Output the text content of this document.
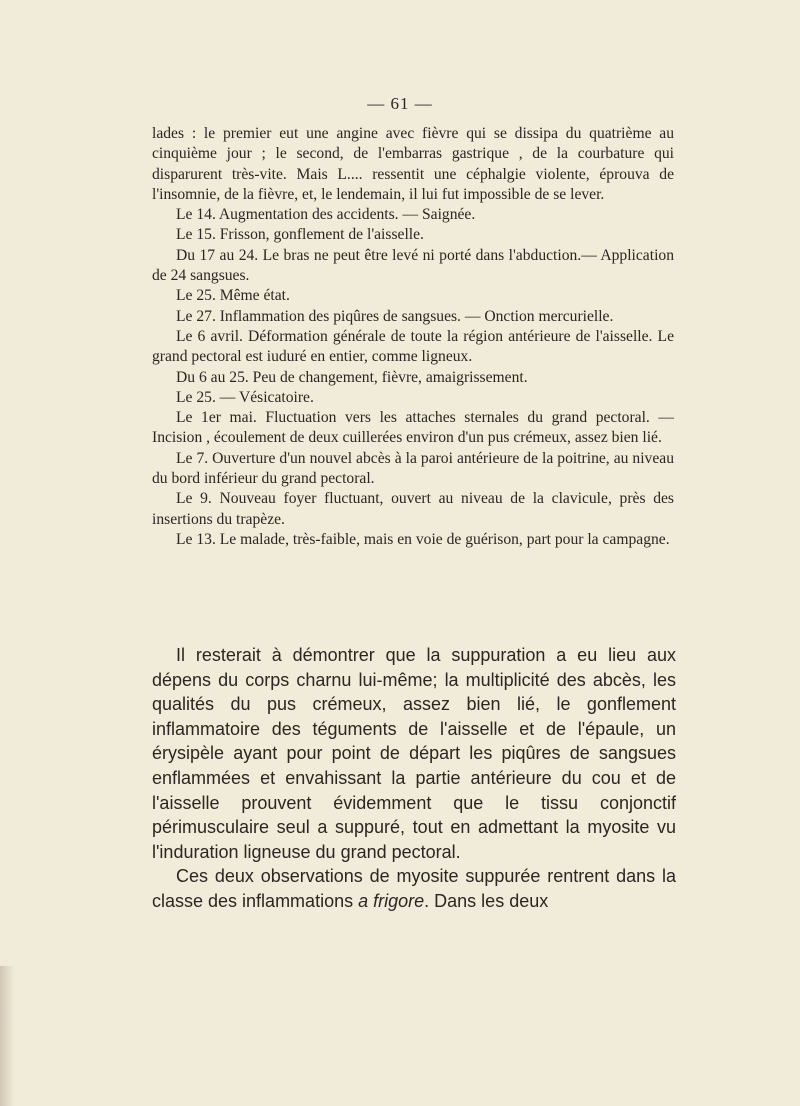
— 61 —

lades : le premier eut une angine avec fièvre qui se dissipa du quatrième au cinquième jour ; le second, de l'embarras gastrique , de la courbature qui disparurent très-vite. Mais L.... ressentit une céphalgie violente, éprouva de l'insomnie, de la fièvre, et, le lendemain, il lui fut impossible de se lever.

Le 14. Augmentation des accidents. — Saignée.

Le 15. Frisson, gonflement de l'aisselle.

Du 17 au 24. Le bras ne peut être levé ni porté dans l'abduction.— Application de 24 sangsues.

Le 25. Même état.

Le 27. Inflammation des piqûres de sangsues. — Onction mercurielle.

Le 6 avril. Déformation générale de toute la région antérieure de l'aisselle. Le grand pectoral est iuduré en entier, comme ligneux.

Du 6 au 25. Peu de changement, fièvre, amaigrissement.

Le 25. — Vésicatoire.

Le 1er mai. Fluctuation vers les attaches sternales du grand pectoral. — Incision , écoulement de deux cuillerées environ d'un pus crémeux, assez bien lié.

Le 7. Ouverture d'un nouvel abcès à la paroi antérieure de la poitrine, au niveau du bord inférieur du grand pectoral.

Le 9. Nouveau foyer fluctuant, ouvert au niveau de la clavicule, près des insertions du trapèze.

Le 13. Le malade, très-faible, mais en voie de guérison, part pour la campagne.

Il resterait à démontrer que la suppuration a eu lieu aux dépens du corps charnu lui-même; la multiplicité des abcès, les qualités du pus crémeux, assez bien lié, le gonflement inflammatoire des téguments de l'aisselle et de l'épaule, un érysipèle ayant pour point de départ les piqûres de sangsues enflammées et envahissant la partie antérieure du cou et de l'aisselle prouvent évidemment que le tissu conjonctif périmusculaire seul a suppuré, tout en admettant la myosite vu l'induration ligneuse du grand pectoral.

Ces deux observations de myosite suppurée rentrent dans la classe des inflammations a frigore. Dans les deux
